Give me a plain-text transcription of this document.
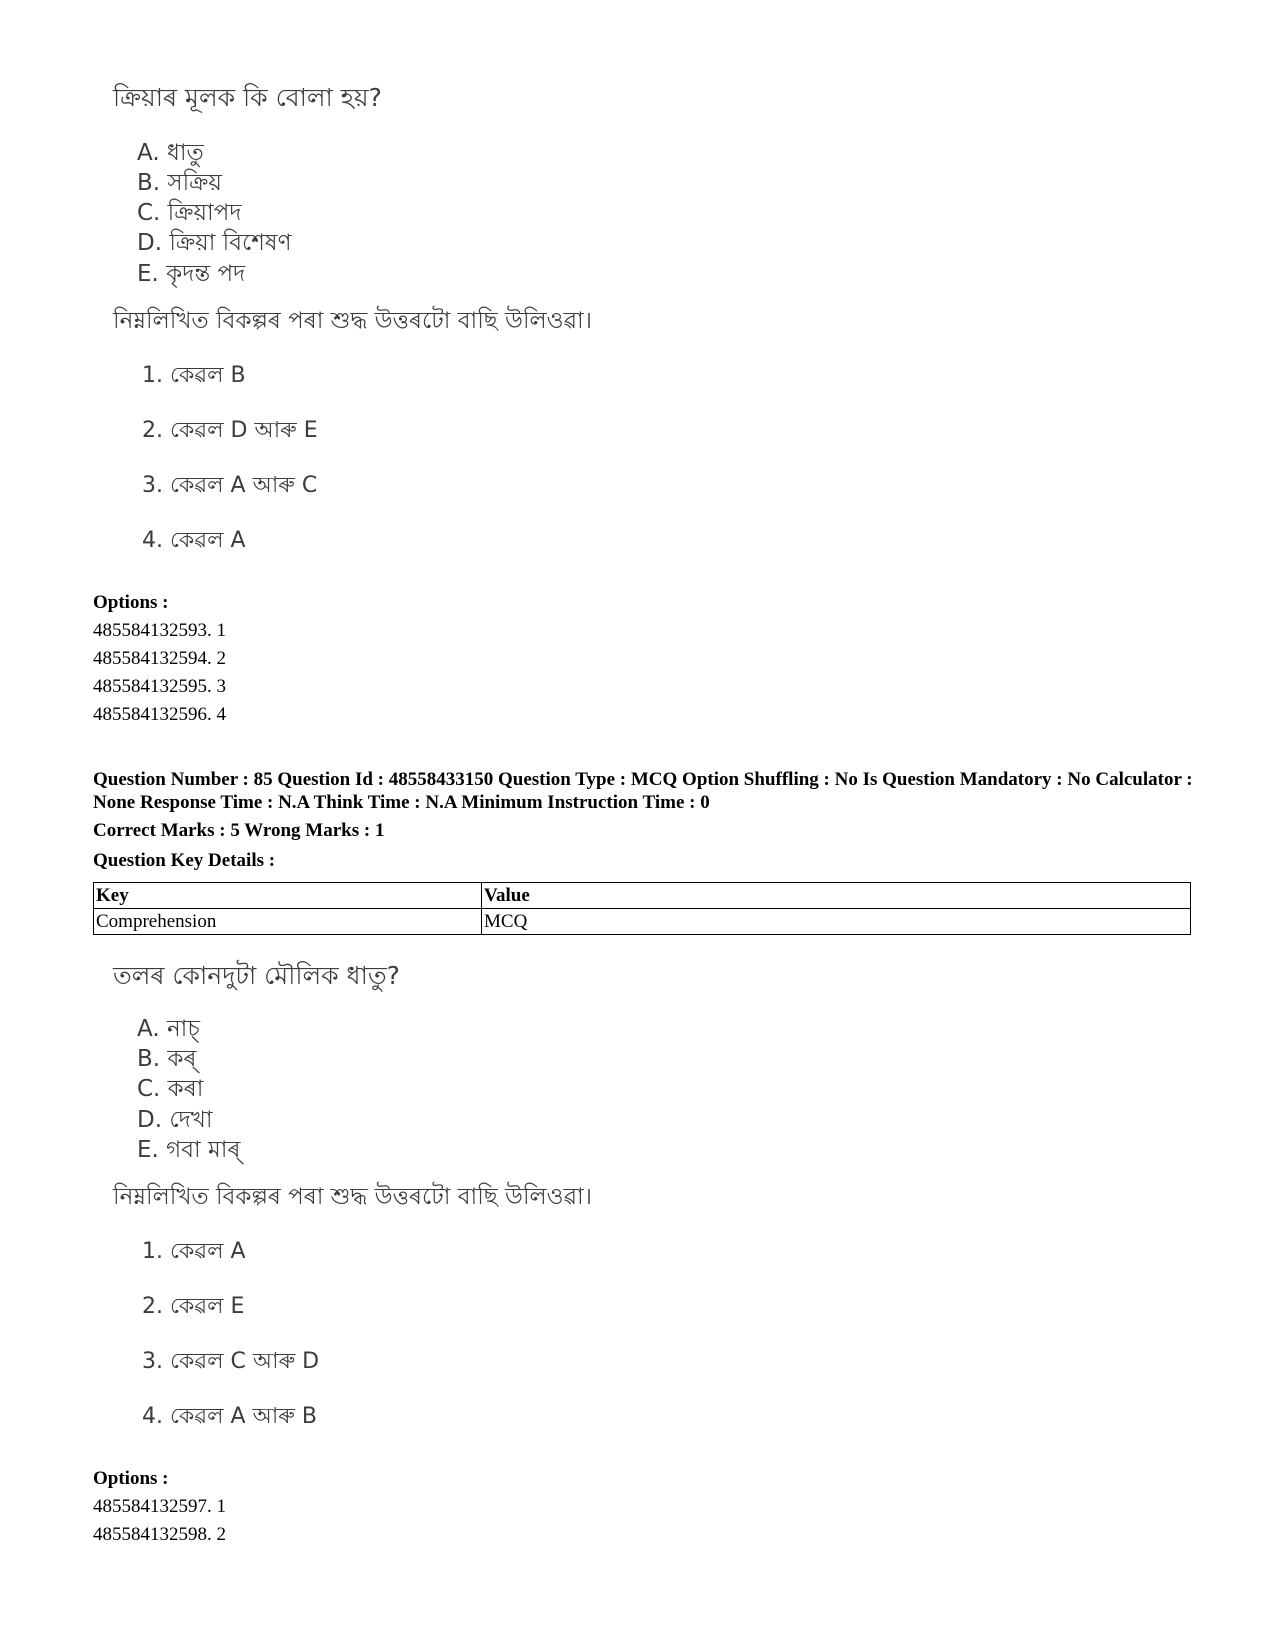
ক্ৰিয়াৰ মূলক কি বোলা হয়?
A. ধাতু
B. সক্ৰিয়
C. ক্ৰিয়াপদ
D. ক্ৰিয়া বিশেষণ
E. কৃদন্ত পদ
নিম্নলিখিত বিকল্পৰ পৰা শুদ্ধ উত্তৰটো বাছি উলিওৱা।
1. কেৱল B
2. কেৱল D আৰু E
3. কেৱল A আৰু C
4. কেৱল A
Options :
485584132593. 1
485584132594. 2
485584132595. 3
485584132596. 4
Question Number : 85 Question Id : 48558433150 Question Type : MCQ Option Shuffling : No Is Question Mandatory : No Calculator : None Response Time : N.A Think Time : N.A Minimum Instruction Time : 0
Correct Marks : 5 Wrong Marks : 1
Question Key Details :
Key	Value
Comprehension	MCQ
তলৰ কোনদুটা মৌলিক ধাতু?
A. নাচ্
B. কৰ্
C. কৰা
D. দেখা
E. গবা মাৰ্
নিম্নলিখিত বিকল্পৰ পৰা শুদ্ধ উত্তৰটো বাছি উলিওৱা।
1. কেৱল A
2. কেৱল E
3. কেৱল C আৰু D
4. কেৱল A আৰু B
Options :
485584132597. 1
485584132598. 2
